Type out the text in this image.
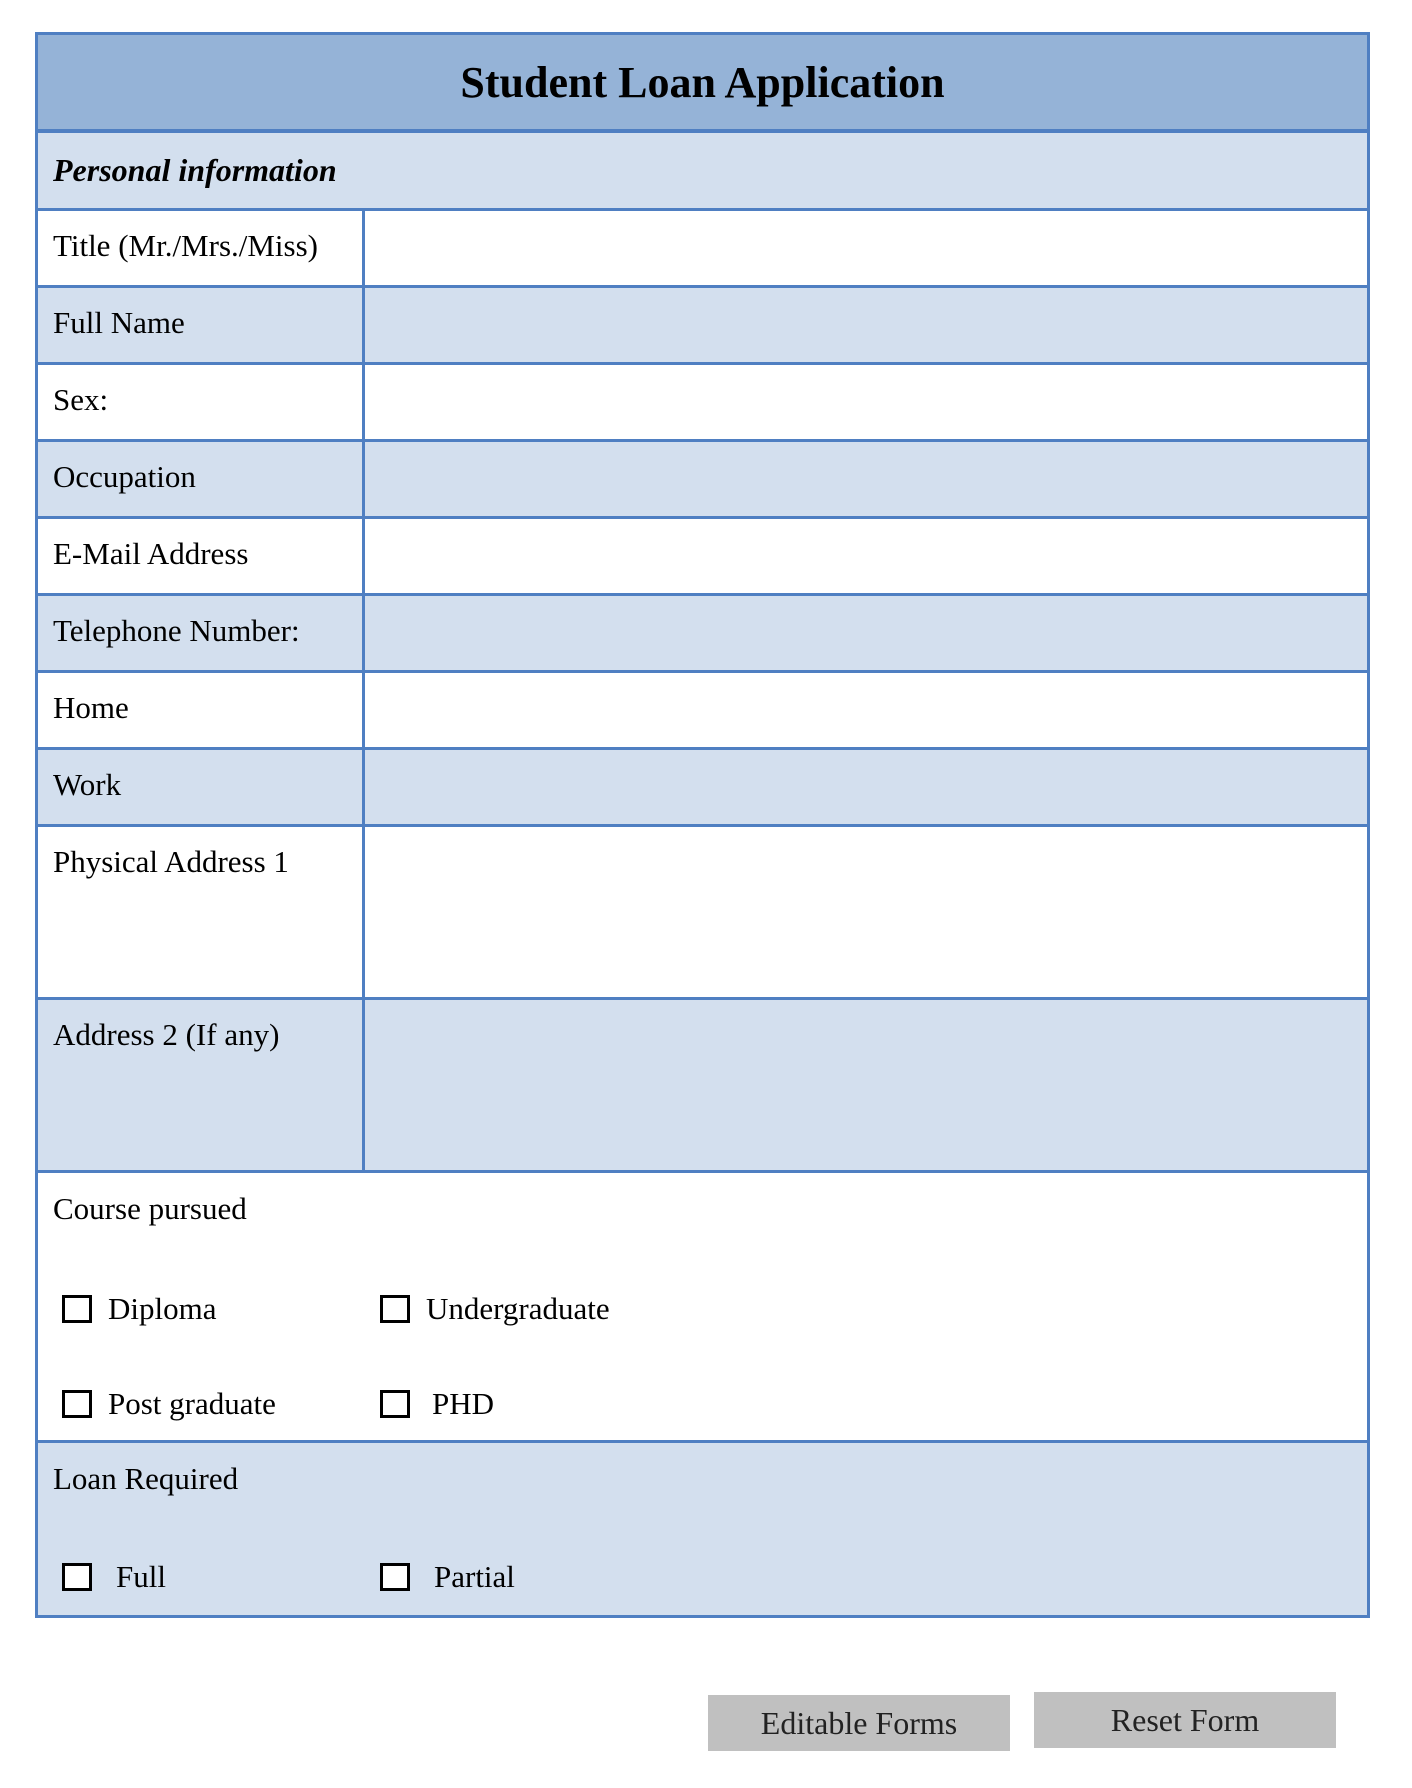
Student Loan Application
Personal information
Title (Mr./Mrs./Miss)
Full Name
Sex:
Occupation
E-Mail Address
Telephone Number:
Home
Work
Physical Address 1
Address 2 (If any)
Course pursued
Diploma	Undergraduate
Post graduate	PHD
Loan Required
Full	Partial
Editable Forms	Reset Form
